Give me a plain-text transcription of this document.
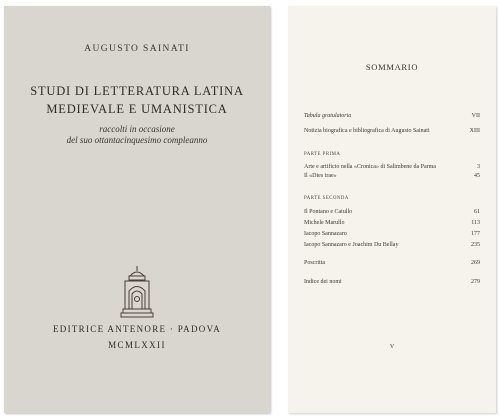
AUGUSTO SAINATI
STUDI DI LETTERATURA LATINA
MEDIEVALE E UMANISTICA
raccolti in occasione
del suo ottantacinquesimo compleanno
EDITRICE ANTENORE · PADOVA
MCMLXXII
SOMMARIO
Tabula gratulatoria	VII
Notizia biografica e bibliografica di Augusto Sainati	XIII
PARTE PRIMA
Arte e artificio nella «Cronica» di Salimbene da Parma	3
Il «Dies irae»	45
PARTE SECONDA
Il Pontano e Catullo	61
Michele Marullo	113
Iacopo Sannazaro	177
Iacopo Sannazaro e Joachim Du Bellay	235
Poscritta	269
Indice dei nomi	279
V
